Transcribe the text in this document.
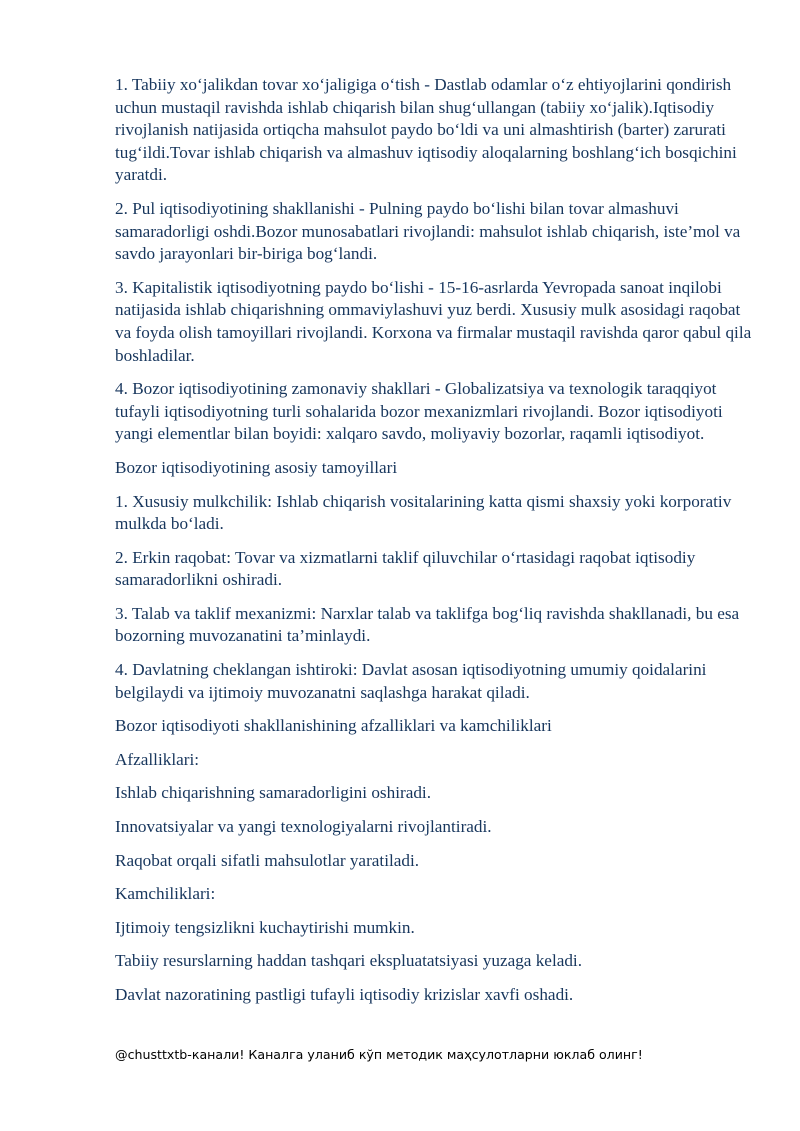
1. Tabiiy xo‘jalikdan tovar xo‘jaligiga o‘tish - Dastlab odamlar o‘z ehtiyojlarini qondirish uchun mustaqil ravishda ishlab chiqarish bilan shug‘ullangan (tabiiy xo‘jalik).Iqtisodiy rivojlanish natijasida ortiqcha mahsulot paydo bo‘ldi va uni almashtirish (barter) zarurati tug‘ildi.Tovar ishlab chiqarish va almashuv iqtisodiy aloqalarning boshlang‘ich bosqichini yaratdi.

2. Pul iqtisodiyotining shakllanishi - Pulning paydo bo‘lishi bilan tovar almashuvi samaradorligi oshdi.Bozor munosabatlari rivojlandi: mahsulot ishlab chiqarish, iste’mol va savdo jarayonlari bir-biriga bog‘landi.

3. Kapitalistik iqtisodiyotning paydo bo‘lishi - 15-16-asrlarda Yevropada sanoat inqilobi natijasida ishlab chiqarishning ommaviylashuvi yuz berdi. Xususiy mulk asosidagi raqobat va foyda olish tamoyillari rivojlandi. Korxona va firmalar mustaqil ravishda qaror qabul qila boshladilar.

4. Bozor iqtisodiyotining zamonaviy shakllari - Globalizatsiya va texnologik taraqqiyot tufayli iqtisodiyotning turli sohalarida bozor mexanizmlari rivojlandi. Bozor iqtisodiyoti yangi elementlar bilan boyidi: xalqaro savdo, moliyaviy bozorlar, raqamli iqtisodiyot.

Bozor iqtisodiyotining asosiy tamoyillari

1. Xususiy mulkchilik: Ishlab chiqarish vositalarining katta qismi shaxsiy yoki korporativ mulkda bo‘ladi.

2. Erkin raqobat: Tovar va xizmatlarni taklif qiluvchilar o‘rtasidagi raqobat iqtisodiy samaradorlikni oshiradi.

3. Talab va taklif mexanizmi: Narxlar talab va taklifga bog‘liq ravishda shakllanadi, bu esa bozorning muvozanatini ta’minlaydi.

4. Davlatning cheklangan ishtiroki: Davlat asosan iqtisodiyotning umumiy qoidalarini belgilaydi va ijtimoiy muvozanatni saqlashga harakat qiladi.

Bozor iqtisodiyoti shakllanishining afzalliklari va kamchiliklari

Afzalliklari:

Ishlab chiqarishning samaradorligini oshiradi.

Innovatsiyalar va yangi texnologiyalarni rivojlantiradi.

Raqobat orqali sifatli mahsulotlar yaratiladi.

Kamchiliklari:

Ijtimoiy tengsizlikni kuchaytirishi mumkin.

Tabiiy resurslarning haddan tashqari ekspluatatsiyasi yuzaga keladi.

Davlat nazoratining pastligi tufayli iqtisodiy krizislar xavfi oshadi.

@chusttxtb-канали! Каналга уланиб кўп методик маҳсулотларни юклаб олинг!
